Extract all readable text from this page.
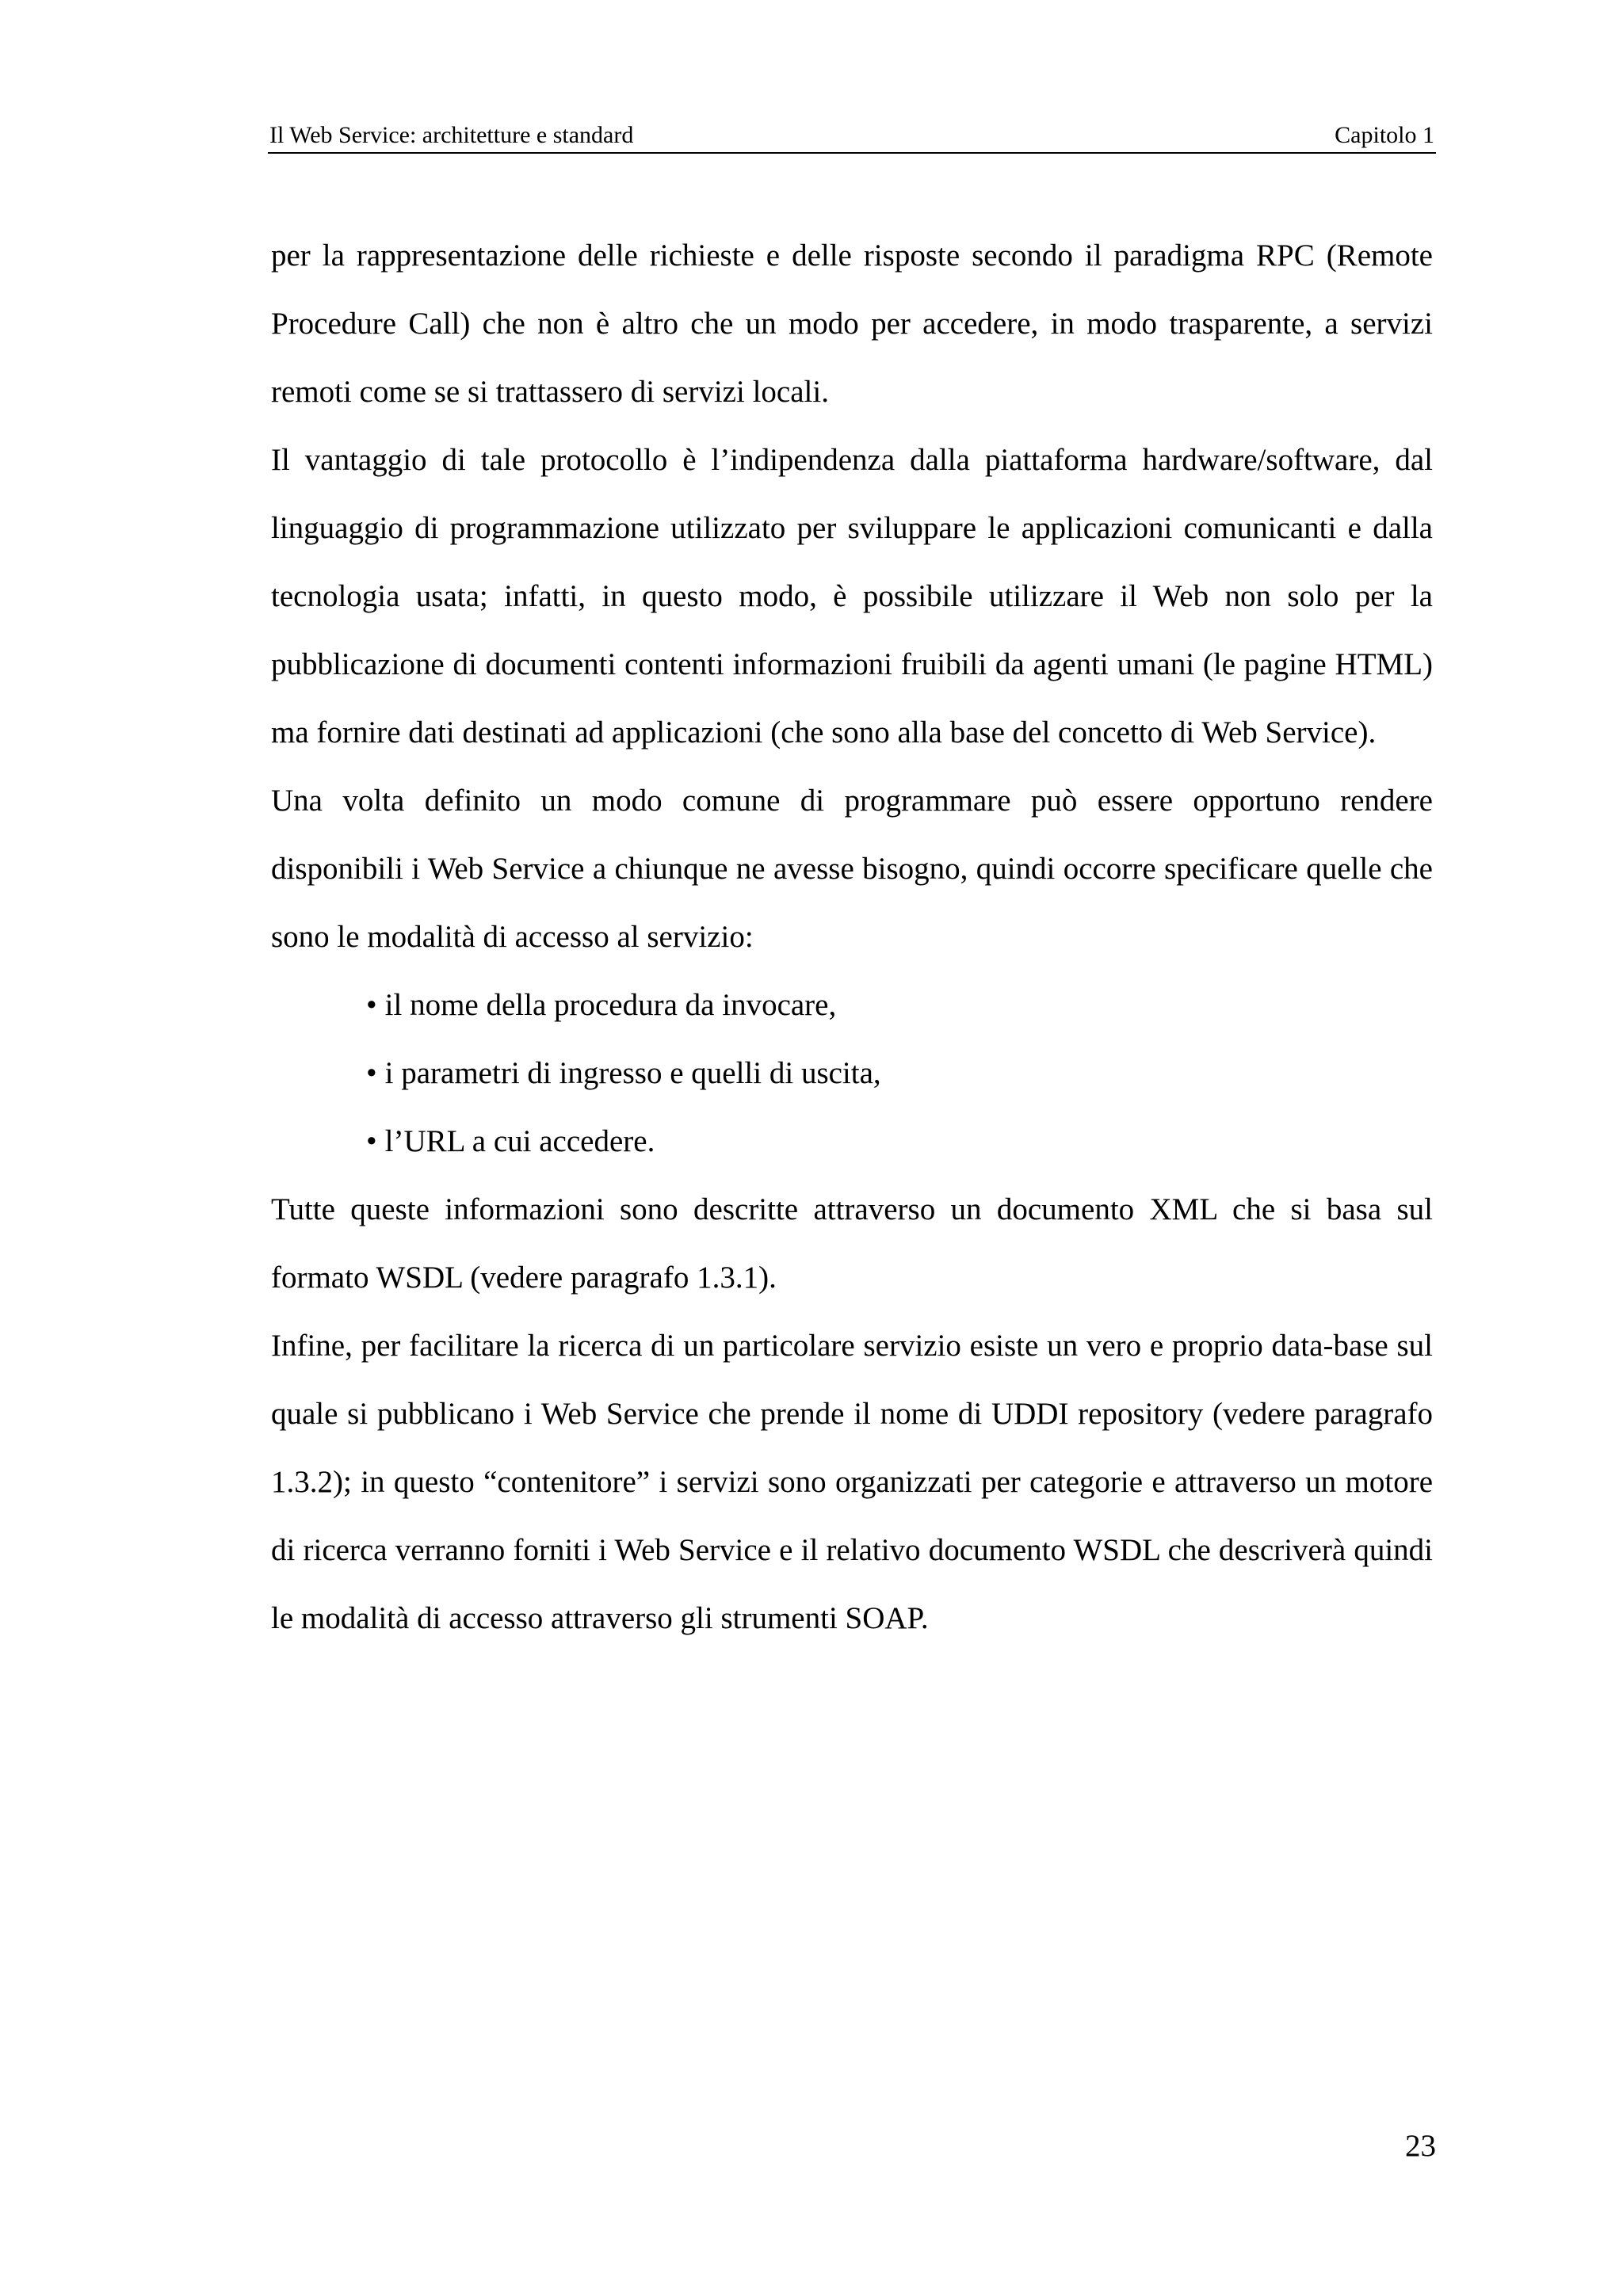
Il Web Service: architetture e standard	Capitolo 1

per la rappresentazione delle richieste e delle risposte secondo il paradigma RPC (Remote Procedure Call) che non è altro che un modo per accedere, in modo trasparente, a servizi remoti come se si trattassero di servizi locali.

Il vantaggio di tale protocollo è l’indipendenza dalla piattaforma hardware/software, dal linguaggio di programmazione utilizzato per sviluppare le applicazioni comunicanti e dalla tecnologia usata; infatti, in questo modo, è possibile utilizzare il Web non solo per la pubblicazione di documenti contenti informazioni fruibili da agenti umani (le pagine HTML) ma fornire dati destinati ad applicazioni (che sono alla base del concetto di Web Service).

Una volta definito un modo comune di programmare può essere opportuno rendere disponibili i Web Service a chiunque ne avesse bisogno, quindi occorre specificare quelle che sono le modalità di accesso al servizio:

• il nome della procedura da invocare,
• i parametri di ingresso e quelli di uscita,
• l’URL a cui accedere.

Tutte queste informazioni sono descritte attraverso un documento XML che si basa sul formato WSDL (vedere paragrafo 1.3.1).

Infine, per facilitare la ricerca di un particolare servizio esiste un vero e proprio data-base sul quale si pubblicano i Web Service che prende il nome di UDDI repository (vedere paragrafo 1.3.2); in questo “contenitore” i servizi sono organizzati per categorie e attraverso un motore di ricerca verranno forniti i Web Service e il relativo documento WSDL che descriverà quindi le modalità di accesso attraverso gli strumenti SOAP.

23
